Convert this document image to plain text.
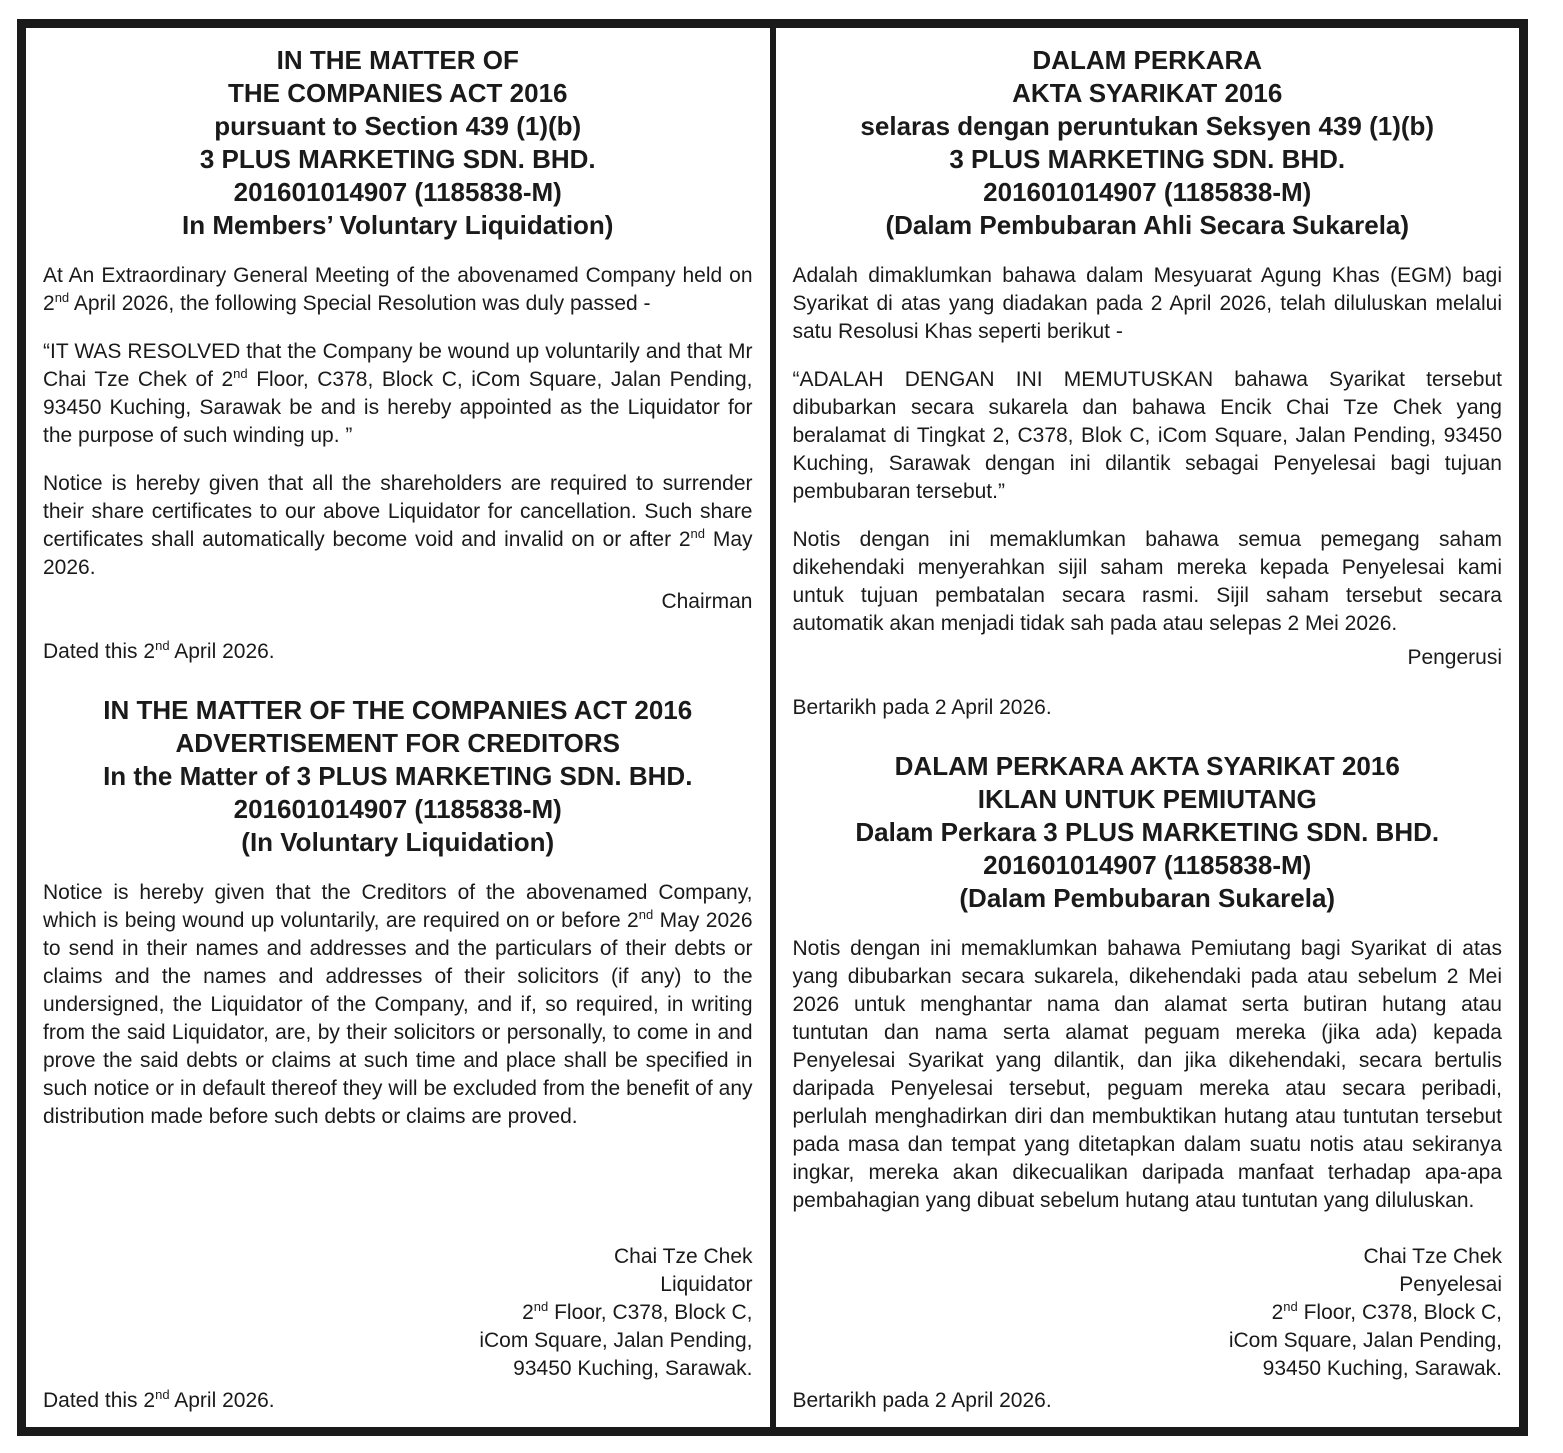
IN THE MATTER OF
THE COMPANIES ACT 2016
pursuant to Section 439 (1)(b)
3 PLUS MARKETING SDN. BHD.
201601014907 (1185838-M)
In Members’ Voluntary Liquidation)
At An Extraordinary General Meeting of the abovenamed Company held on 2nd April 2026, the following Special Resolution was duly passed -
“IT WAS RESOLVED that the Company be wound up voluntarily and that Mr Chai Tze Chek of 2nd Floor, C378, Block C, iCom Square, Jalan Pending, 93450 Kuching, Sarawak be and is hereby appointed as the Liquidator for the purpose of such winding up. ”
Notice is hereby given that all the shareholders are required to surrender their share certificates to our above Liquidator for cancellation. Such share certificates shall automatically become void and invalid on or after 2nd May 2026.
Chairman
Dated this 2nd April 2026.
IN THE MATTER OF THE COMPANIES ACT 2016
ADVERTISEMENT FOR CREDITORS
In the Matter of 3 PLUS MARKETING SDN. BHD.
201601014907 (1185838-M)
(In Voluntary Liquidation)
Notice is hereby given that the Creditors of the abovenamed Company, which is being wound up voluntarily, are required on or before 2nd May 2026 to send in their names and addresses and the particulars of their debts or claims and the names and addresses of their solicitors (if any) to the undersigned, the Liquidator of the Company, and if, so required, in writing from the said Liquidator, are, by their solicitors or personally, to come in and prove the said debts or claims at such time and place shall be specified in such notice or in default thereof they will be excluded from the benefit of any distribution made before such debts or claims are proved.
Chai Tze Chek
Liquidator
2nd Floor, C378, Block C,
iCom Square, Jalan Pending,
93450 Kuching, Sarawak.
Dated this 2nd April 2026.
DALAM PERKARA
AKTA SYARIKAT 2016
selaras dengan peruntukan Seksyen 439 (1)(b)
3 PLUS MARKETING SDN. BHD.
201601014907 (1185838-M)
(Dalam Pembubaran Ahli Secara Sukarela)
Adalah dimaklumkan bahawa dalam Mesyuarat Agung Khas (EGM) bagi Syarikat di atas yang diadakan pada 2 April 2026, telah diluluskan melalui satu Resolusi Khas seperti berikut -
“ADALAH DENGAN INI MEMUTUSKAN bahawa Syarikat tersebut dibubarkan secara sukarela dan bahawa Encik Chai Tze Chek yang beralamat di Tingkat 2, C378, Blok C, iCom Square, Jalan Pending, 93450 Kuching, Sarawak dengan ini dilantik sebagai Penyelesai bagi tujuan pembubaran tersebut.”
Notis dengan ini memaklumkan bahawa semua pemegang saham dikehendaki menyerahkan sijil saham mereka kepada Penyelesai kami untuk tujuan pembatalan secara rasmi. Sijil saham tersebut secara automatik akan menjadi tidak sah pada atau selepas 2 Mei 2026.
Pengerusi
Bertarikh pada 2 April 2026.
DALAM PERKARA AKTA SYARIKAT 2016
IKLAN UNTUK PEMIUTANG
Dalam Perkara 3 PLUS MARKETING SDN. BHD.
201601014907 (1185838-M)
(Dalam Pembubaran Sukarela)
Notis dengan ini memaklumkan bahawa Pemiutang bagi Syarikat di atas yang dibubarkan secara sukarela, dikehendaki pada atau sebelum 2 Mei 2026 untuk menghantar nama dan alamat serta butiran hutang atau tuntutan dan nama serta alamat peguam mereka (jika ada) kepada Penyelesai Syarikat yang dilantik, dan jika dikehendaki, secara bertulis daripada Penyelesai tersebut, peguam mereka atau secara peribadi, perlulah menghadirkan diri dan membuktikan hutang atau tuntutan tersebut pada masa dan tempat yang ditetapkan dalam suatu notis atau sekiranya ingkar, mereka akan dikecualikan daripada manfaat terhadap apa-apa pembahagian yang dibuat sebelum hutang atau tuntutan yang diluluskan.
Chai Tze Chek
Penyelesai
2nd Floor, C378, Block C,
iCom Square, Jalan Pending,
93450 Kuching, Sarawak.
Bertarikh pada 2 April 2026.
